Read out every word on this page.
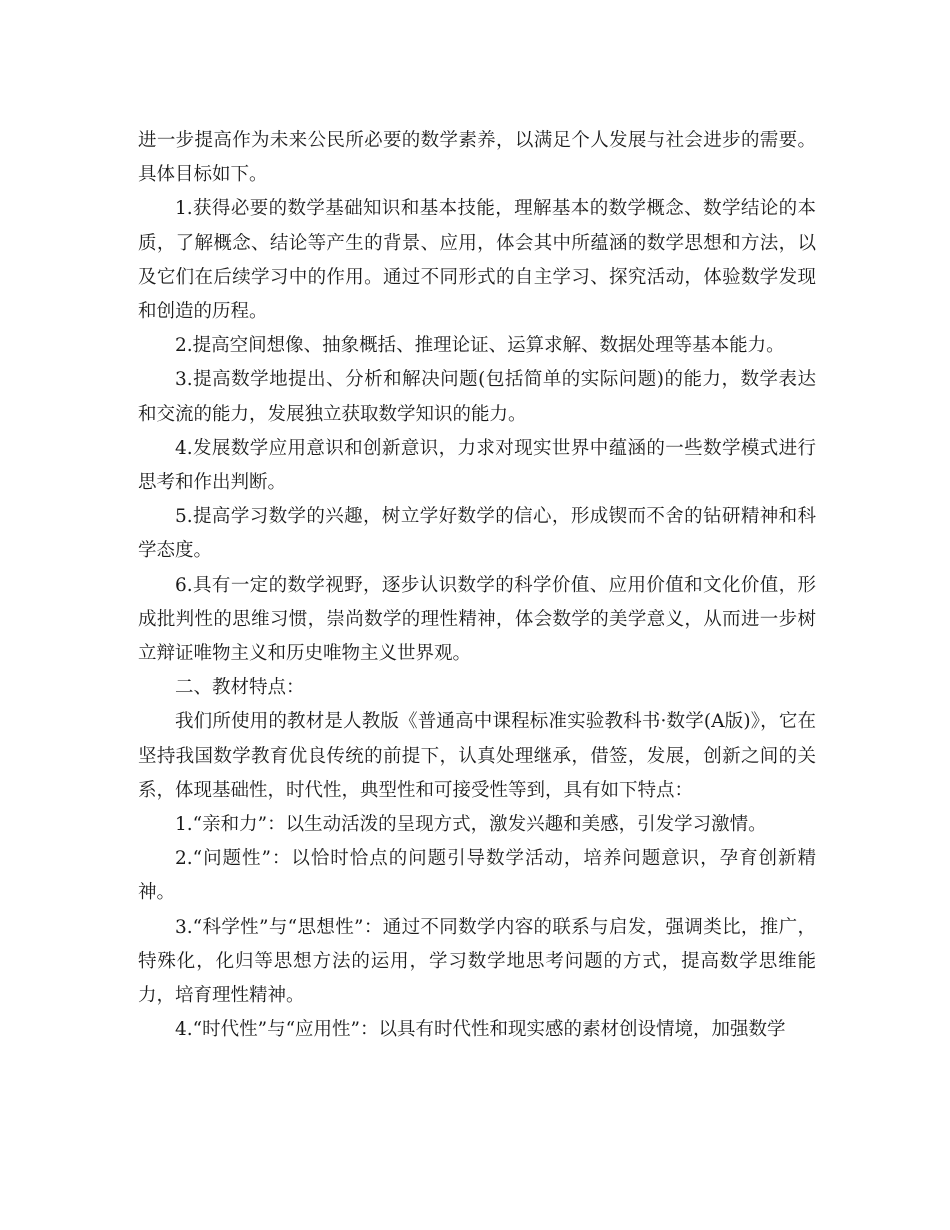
进一步提高作为未来公民所必要的数学素养，以满足个人发展与社会进步的需要。具体目标如下。

1.获得必要的数学基础知识和基本技能，理解基本的数学概念、数学结论的本质，了解概念、结论等产生的背景、应用，体会其中所蕴涵的数学思想和方法，以及它们在后续学习中的作用。通过不同形式的自主学习、探究活动，体验数学发现和创造的历程。

2.提高空间想像、抽象概括、推理论证、运算求解、数据处理等基本能力。

3.提高数学地提出、分析和解决问题(包括简单的实际问题)的能力，数学表达和交流的能力，发展独立获取数学知识的能力。

4.发展数学应用意识和创新意识，力求对现实世界中蕴涵的一些数学模式进行思考和作出判断。

5.提高学习数学的兴趣，树立学好数学的信心，形成锲而不舍的钻研精神和科学态度。

6.具有一定的数学视野，逐步认识数学的科学价值、应用价值和文化价值，形成批判性的思维习惯，崇尚数学的理性精神，体会数学的美学意义，从而进一步树立辩证唯物主义和历史唯物主义世界观。

二、教材特点：

我们所使用的教材是人教版《普通高中课程标准实验教科书·数学(A版)》，它在坚持我国数学教育优良传统的前提下，认真处理继承，借签，发展，创新之间的关系，体现基础性，时代性，典型性和可接受性等到，具有如下特点：

1.“亲和力”：以生动活泼的呈现方式，激发兴趣和美感，引发学习激情。

2.“问题性”：以恰时恰点的问题引导数学活动，培养问题意识，孕育创新精神。

3.“科学性”与“思想性”：通过不同数学内容的联系与启发，强调类比，推广，特殊化，化归等思想方法的运用，学习数学地思考问题的方式，提高数学思维能力，培育理性精神。

4.“时代性”与“应用性”：以具有时代性和现实感的素材创设情境，加强数学
